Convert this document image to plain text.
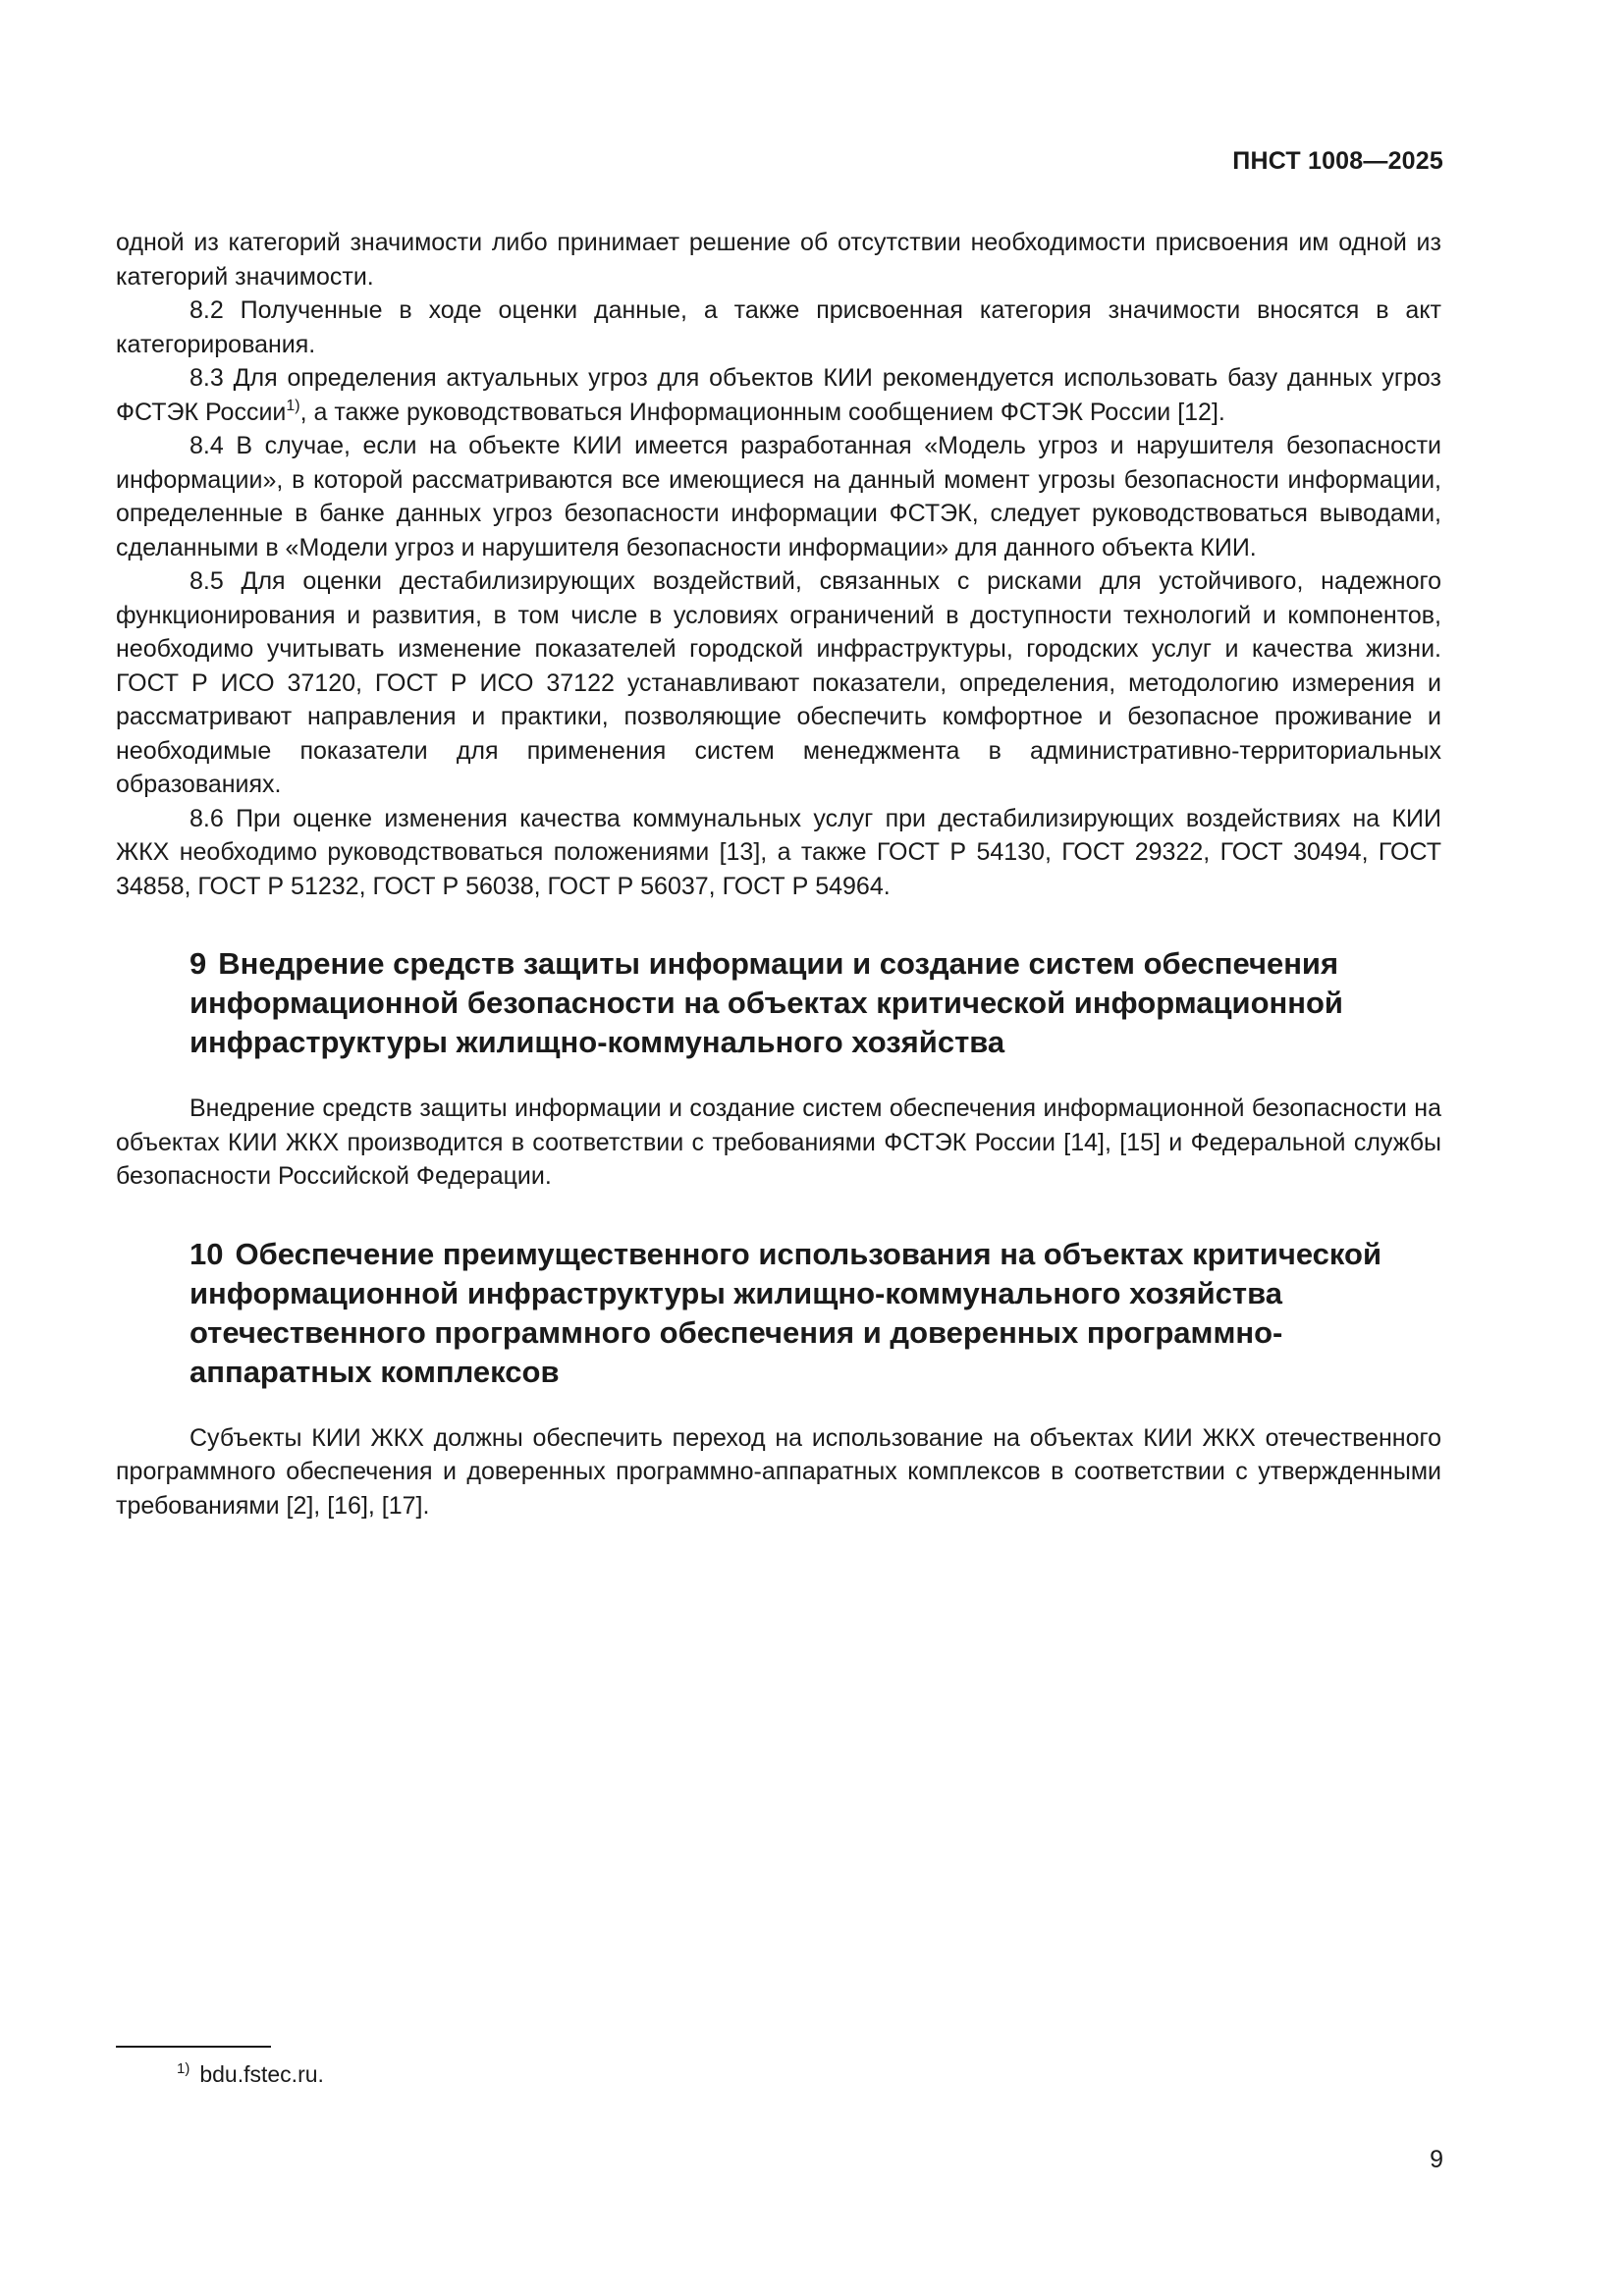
ПНСТ 1008—2025

одной из категорий значимости либо принимает решение об отсутствии необходимости присвоения им одной из категорий значимости.

8.2 Полученные в ходе оценки данные, а также присвоенная категория значимости вносятся в акт категорирования.

8.3 Для определения актуальных угроз для объектов КИИ рекомендуется использовать базу данных угроз ФСТЭК России$^{1)}$, а также руководствоваться Информационным сообщением ФСТЭК России [12].

8.4 В случае, если на объекте КИИ имеется разработанная «Модель угроз и нарушителя безопасности информации», в которой рассматриваются все имеющиеся на данный момент угрозы безопасности информации, определенные в банке данных угроз безопасности информации ФСТЭК, следует руководствоваться выводами, сделанными в «Модели угроз и нарушителя безопасности информации» для данного объекта КИИ.

8.5 Для оценки дестабилизирующих воздействий, связанных с рисками для устойчивого, надежного функционирования и развития, в том числе в условиях ограничений в доступности технологий и компонентов, необходимо учитывать изменение показателей городской инфраструктуры, городских услуг и качества жизни. ГОСТ Р ИСО 37120, ГОСТ Р ИСО 37122 устанавливают показатели, определения, методологию измерения и рассматривают направления и практики, позволяющие обеспечить комфортное и безопасное проживание и необходимые показатели для применения систем менеджмента в административно-территориальных образованиях.

8.6 При оценке изменения качества коммунальных услуг при дестабилизирующих воздействиях на КИИ ЖКХ необходимо руководствоваться положениями [13], а также ГОСТ Р 54130, ГОСТ 29322, ГОСТ 30494, ГОСТ 34858, ГОСТ Р 51232, ГОСТ Р 56038, ГОСТ Р 56037, ГОСТ Р 54964.

9 Внедрение средств защиты информации и создание систем обеспечения информационной безопасности на объектах критической информационной инфраструктуры жилищно-коммунального хозяйства

Внедрение средств защиты информации и создание систем обеспечения информационной безопасности на объектах КИИ ЖКХ производится в соответствии с требованиями ФСТЭК России [14], [15] и Федеральной службы безопасности Российской Федерации.

10 Обеспечение преимущественного использования на объектах критической информационной инфраструктуры жилищно-коммунального хозяйства отечественного программного обеспечения и доверенных программно-аппаратных комплексов

Субъекты КИИ ЖКХ должны обеспечить переход на использование на объектах КИИ ЖКХ отечественного программного обеспечения и доверенных программно-аппаратных комплексов в соответствии с утвержденными требованиями [2], [16], [17].

$^{1)}$ bdu.fstec.ru.
9
